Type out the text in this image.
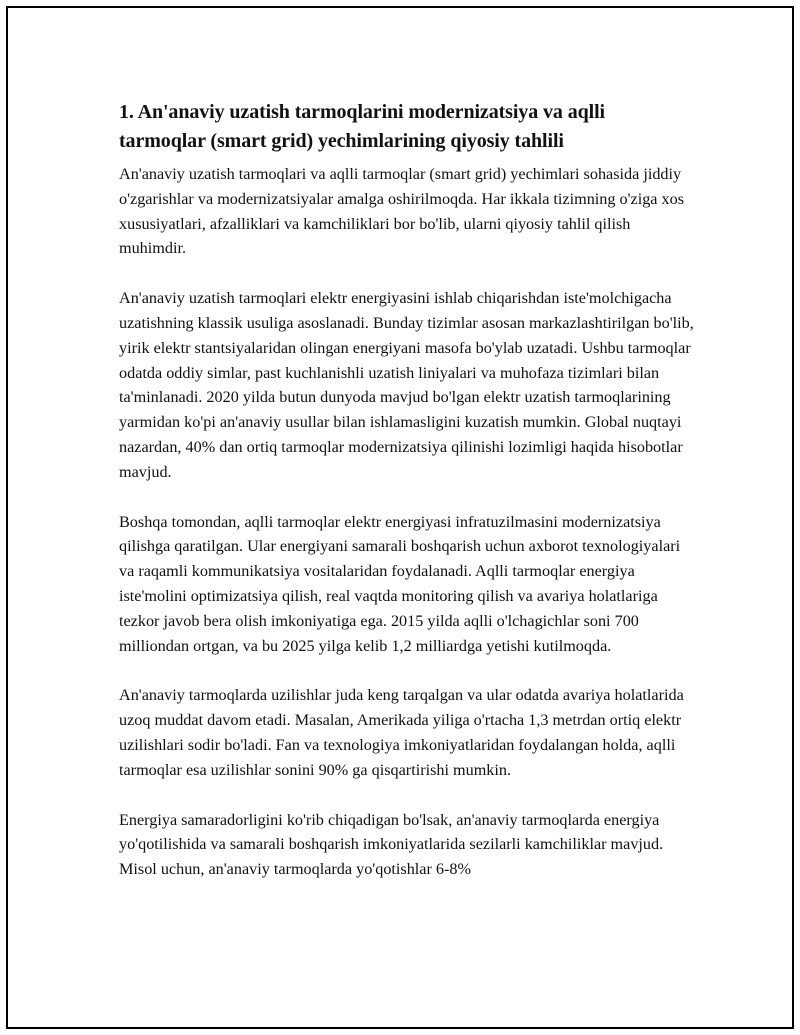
1. An'anaviy uzatish tarmoqlarini modernizatsiya va aqlli tarmoqlar (smart grid) yechimlarining qiyosiy tahlili

An'anaviy uzatish tarmoqlari va aqlli tarmoqlar (smart grid) yechimlari sohasida jiddiy o'zgarishlar va modernizatsiyalar amalga oshirilmoqda. Har ikkala tizimning o'ziga xos xususiyatlari, afzalliklari va kamchiliklari bor bo'lib, ularni qiyosiy tahlil qilish muhimdir.

An'anaviy uzatish tarmoqlari elektr energiyasini ishlab chiqarishdan iste'molchigacha uzatishning klassik usuliga asoslanadi. Bunday tizimlar asosan markazlashtirilgan bo'lib, yirik elektr stantsiyalaridan olingan energiyani masofa bo'ylab uzatadi. Ushbu tarmoqlar odatda oddiy simlar, past kuchlanishli uzatish liniyalari va muhofaza tizimlari bilan ta'minlanadi. 2020 yilda butun dunyoda mavjud bo'lgan elektr uzatish tarmoqlarining yarmidan ko'pi an'anaviy usullar bilan ishlamasligini kuzatish mumkin. Global nuqtayi nazardan, 40% dan ortiq tarmoqlar modernizatsiya qilinishi lozimligi haqida hisobotlar mavjud.

Boshqa tomondan, aqlli tarmoqlar elektr energiyasi infratuzilmasini modernizatsiya qilishga qaratilgan. Ular energiyani samarali boshqarish uchun axborot texnologiyalari va raqamli kommunikatsiya vositalaridan foydalanadi. Aqlli tarmoqlar energiya iste'molini optimizatsiya qilish, real vaqtda monitoring qilish va avariya holatlariga tezkor javob bera olish imkoniyatiga ega. 2015 yilda aqlli o'lchagichlar soni 700 milliondan ortgan, va bu 2025 yilga kelib 1,2 milliardga yetishi kutilmoqda.

An'anaviy tarmoqlarda uzilishlar juda keng tarqalgan va ular odatda avariya holatlarida uzoq muddat davom etadi. Masalan, Amerikada yiliga o'rtacha 1,3 metrdan ortiq elektr uzilishlari sodir bo'ladi. Fan va texnologiya imkoniyatlaridan foydalangan holda, aqlli tarmoqlar esa uzilishlar sonini 90% ga qisqartirishi mumkin.

Energiya samaradorligini ko'rib chiqadigan bo'lsak, an'anaviy tarmoqlarda energiya yo'qotilishida va samarali boshqarish imkoniyatlarida sezilarli kamchiliklar mavjud. Misol uchun, an'anaviy tarmoqlarda yo'qotishlar 6-8%
